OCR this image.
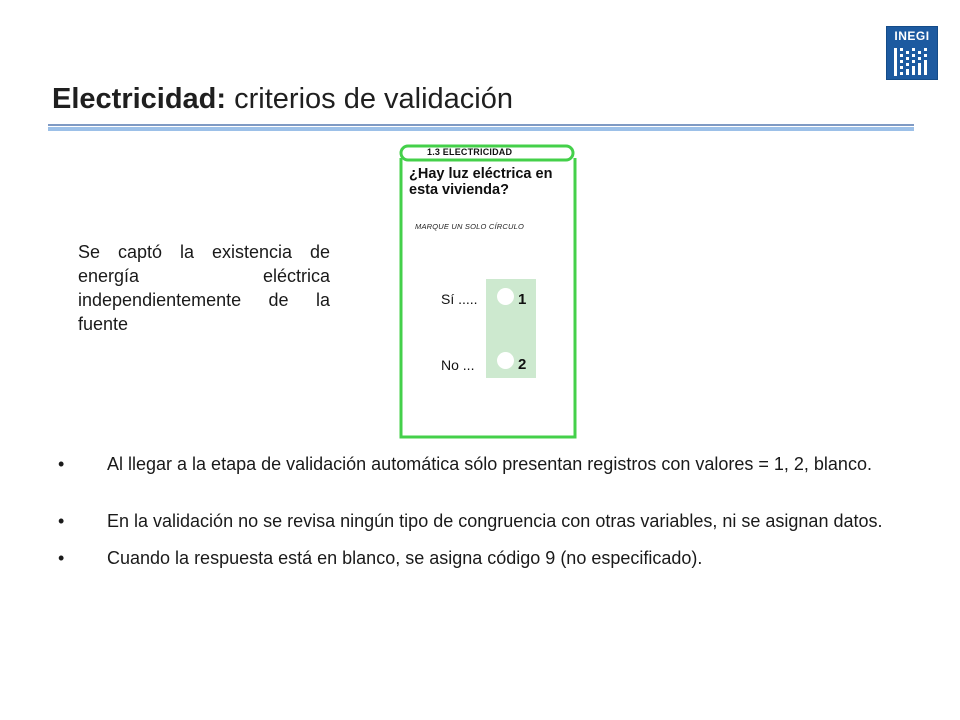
INEGI
Electricidad: criterios de validación

Se captó la existencia de energía eléctrica independientemente de la fuente

1.3 ELECTRICIDAD
¿Hay luz eléctrica en esta vivienda?
MARQUE UN SOLO CÍRCULO
Sí .....	1
No ...	2
•	Al llegar a la etapa de validación automática sólo presentan registros con valores = 1, 2, blanco.
•	En la validación no se revisa ningún tipo de congruencia con otras variables, ni se asignan datos.
•	Cuando la respuesta está en blanco, se asigna código 9 (no especificado).
